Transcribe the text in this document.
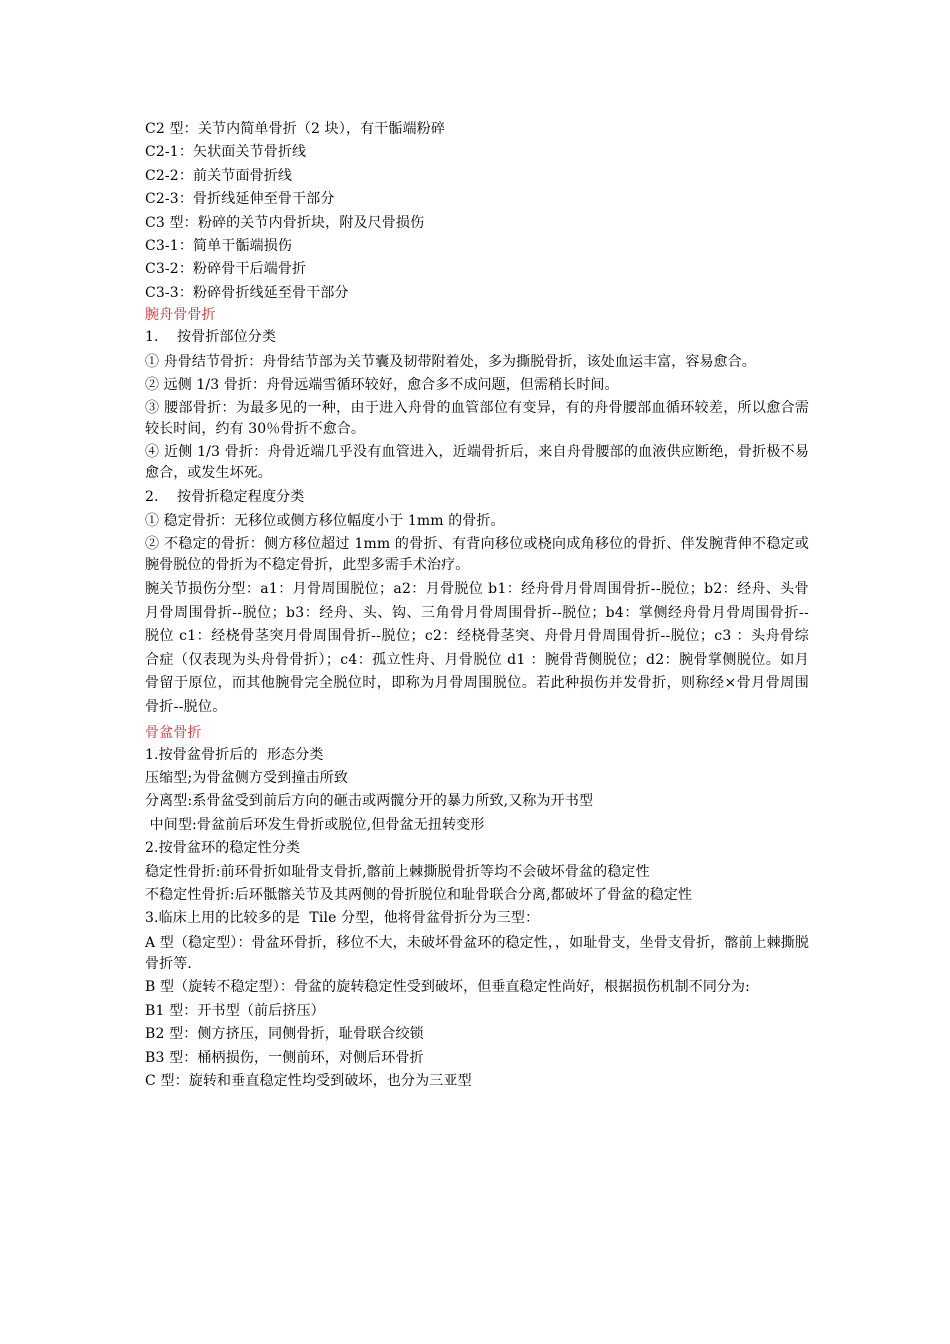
C2 型：关节内简单骨折（2 块），有干骺端粉碎
C2-1：矢状面关节骨折线
C2-2：前关节面骨折线
C2-3：骨折线延伸至骨干部分
C3 型：粉碎的关节内骨折块，附及尺骨损伤
C3-1：简单干骺端损伤
C3-2：粉碎骨干后端骨折
C3-3：粉碎骨折线延至骨干部分
腕舟骨骨折
1.    按骨折部位分类
① 舟骨结节骨折：舟骨结节部为关节囊及韧带附着处，多为撕脱骨折，该处血运丰富，容易愈合。
② 远侧 1/3 骨折：舟骨远端雪循环较好，愈合多不成问题，但需稍长时间。
③ 腰部骨折：为最多见的一种，由于进入舟骨的血管部位有变异，有的舟骨腰部血循环较差，所以愈合需较长时间，约有 30％骨折不愈合。
④ 近侧 1/3 骨折：舟骨近端几乎没有血管进入，近端骨折后，来自舟骨腰部的血液供应断绝，骨折极不易愈合，或发生坏死。
2.    按骨折稳定程度分类
① 稳定骨折：无移位或侧方移位幅度小于 1mm 的骨折。
② 不稳定的骨折：侧方移位超过 1mm 的骨折、有背向移位或桡向成角移位的骨折、伴发腕背伸不稳定或腕骨脱位的骨折为不稳定骨折，此型多需手术治疗。
腕关节损伤分型：a1：月骨周围脱位；a2：月骨脱位 b1：经舟骨月骨周围骨折--脱位；b2：经舟、头骨月骨周围骨折--脱位；b3：经舟、头、钩、三角骨月骨周围骨折--脱位；b4：掌侧经舟骨月骨周围骨折--脱位 c1：经桡骨茎突月骨周围骨折--脱位；c2：经桡骨茎突、舟骨月骨周围骨折--脱位；c3 ：头舟骨综合症（仅表现为头舟骨骨折）；c4：孤立性舟、月骨脱位 d1 ：腕骨背侧脱位；d2：腕骨掌侧脱位。如月骨留于原位，而其他腕骨完全脱位时，即称为月骨周围脱位。若此种损伤并发骨折，则称经×骨月骨周围骨折--脱位。
骨盆骨折
1.按骨盆骨折后的  形态分类
压缩型;为骨盆侧方受到撞击所致
分离型:系骨盆受到前后方向的砸击或两髋分开的暴力所致,又称为开书型
中间型:骨盆前后环发生骨折或脱位,但骨盆无扭转变形
2.按骨盆环的稳定性分类
稳定性骨折:前环骨折如耻骨支骨折,髂前上棘撕脱骨折等均不会破坏骨盆的稳定性
不稳定性骨折:后环骶髂关节及其两侧的骨折脱位和耻骨联合分离,都破坏了骨盆的稳定性
3.临床上用的比较多的是  Tile 分型，他将骨盆骨折分为三型：
A 型（稳定型）：骨盆环骨折，移位不大，未破坏骨盆环的稳定性，，如耻骨支，坐骨支骨折，髂前上棘撕脱骨折等.
B 型（旋转不稳定型）：骨盆的旋转稳定性受到破坏，但垂直稳定性尚好，根据损伤机制不同分为:
B1 型：开书型（前后挤压）
B2 型：侧方挤压，同侧骨折，耻骨联合绞锁
B3 型：桶柄损伤，一侧前环，对侧后环骨折
C 型：旋转和垂直稳定性均受到破坏，也分为三亚型
